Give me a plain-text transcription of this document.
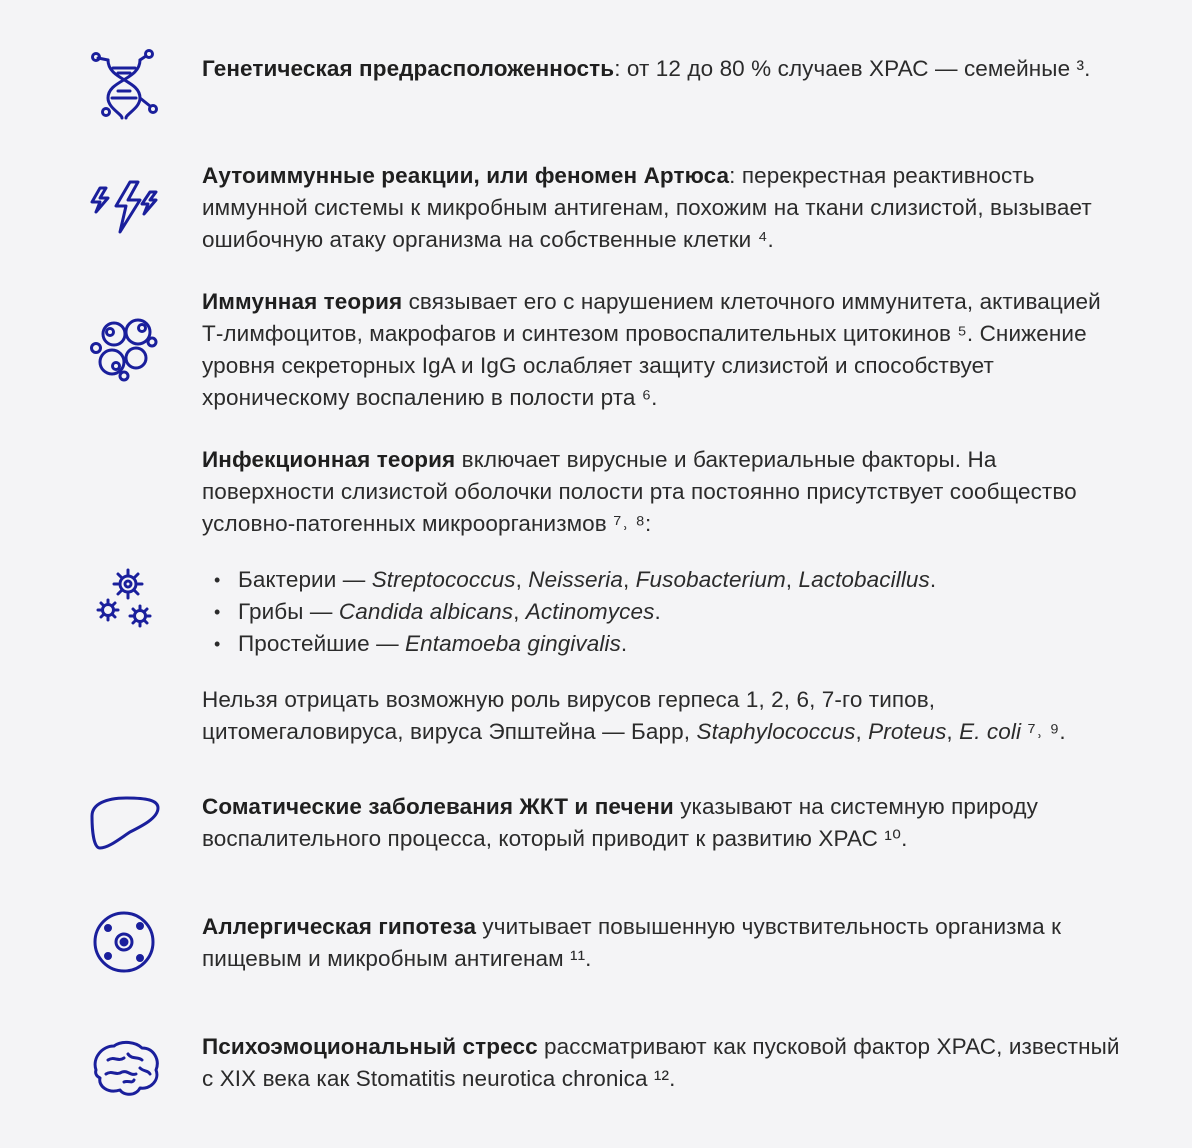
Генетическая предрасположенность: от 12 до 80 % случаев ХРАС — семейные ³.
Аутоиммунные реакции, или феномен Артюса: перекрестная реактивность иммунной системы к микробным антигенам, похожим на ткани слизистой, вызывает ошибочную атаку организма на собственные клетки ⁴.
Иммунная теория связывает его с нарушением клеточного иммунитета, активацией Т-лимфоцитов, макрофагов и синтезом провоспалительных цитокинов ⁵. Снижение уровня секреторных IgA и IgG ослабляет защиту слизистой и способствует хроническому воспалению в полости рта ⁶.

Инфекционная теория включает вирусные и бактериальные факторы. На поверхности слизистой оболочки полости рта постоянно присутствует сообщество условно-патогенных микроорганизмов ⁷˒ ⁸:

• Бактерии — Streptococcus, Neisseria, Fusobacterium, Lactobacillus.
• Грибы — Candida albicans, Actinomyces.
• Простейшие — Entamoeba gingivalis.

Нельзя отрицать возможную роль вирусов герпеса 1, 2, 6, 7-го типов, цитомегаловируса, вируса Эпштейна — Барр, Staphylococcus, Proteus, E. coli ⁷˒ ⁹.

Соматические заболевания ЖКТ и печени указывают на системную природу воспалительного процесса, который приводит к развитию ХРАС ¹⁰.
Аллергическая гипотеза учитывает повышенную чувствительность организма к пищевым и микробным антигенам ¹¹.
Психоэмоциональный стресс рассматривают как пусковой фактор ХРАС, известный с XIX века как Stomatitis neurotica chronica ¹².
